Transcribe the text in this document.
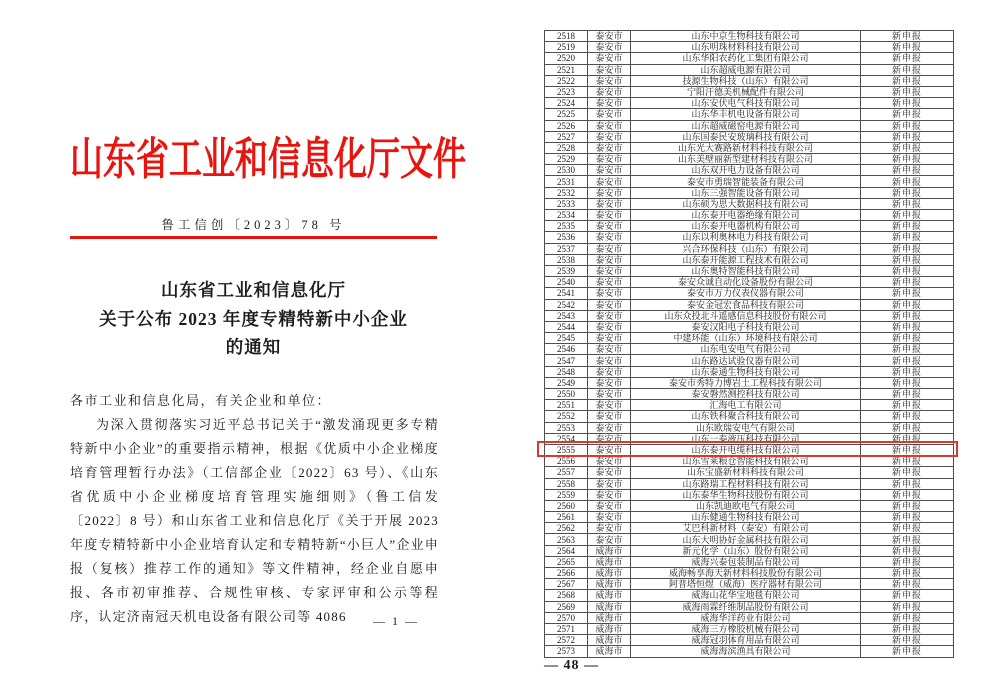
山东省工业和信息化厅文件
鲁工信创〔2023〕78 号
山东省工业和信息化厅
关于公布 2023 年度专精特新中小企业
的通知
各市工业和信息化局，有关企业和单位：

为深入贯彻落实习近平总书记关于“激发涌现更多专精特新中小企业”的重要指示精神，根据《优质中小企业梯度培育管理暂行办法》（工信部企业〔2022〕63 号）、《山东省优质中小企业梯度培育管理实施细则》（鲁工信发〔2022〕8 号）和山东省工业和信息化厅《关于开展 2023 年度专精特新中小企业培育认定和专精特新“小巨人”企业申报（复核）推荐工作的通知》等文件精神，经企业自愿申报、各市初审推荐、合规性审核、专家评审和公示等程序，认定济南冠天机电设备有限公司等 4086	— 1 —
2518	泰安市	山东中京生物科技有限公司	新申报
2519	泰安市	山东明珠材料科技有限公司	新申报
2520	泰安市	山东华阳农药化工集团有限公司	新申报
2521	泰安市	山东超威电源有限公司	新申报
2522	泰安市	技源生物科技（山东）有限公司	新申报
2523	泰安市	宁阳汗德美机械配件有限公司	新申报
2524	泰安市	山东安伏电气科技有限公司	新申报
2525	泰安市	山东华丰机电设备有限公司	新申报
2526	泰安市	山东超威磁窑电源有限公司	新申报
2527	泰安市	山东国泰民安玻璃科技有限公司	新申报
2528	泰安市	山东光大赛路新材料科技有限公司	新申报
2529	泰安市	山东美壁丽新型建材科技有限公司	新申报
2530	泰安市	山东双开电力设备有限公司	新申报
2531	泰安市	泰安市勇瑞智能装备有限公司	新申报
2532	泰安市	山东三强智能设备有限公司	新申报
2533	泰安市	山东硕为思大数据科技有限公司	新申报
2534	泰安市	山东泰开电器绝缘有限公司	新申报
2535	泰安市	山东泰开电器机构有限公司	新申报
2536	泰安市	山东以利奥林电力科技有限公司	新申报
2537	泰安市	兴合环保科技（山东）有限公司	新申报
2538	泰安市	山东泰开能源工程技术有限公司	新申报
2539	泰安市	山东奥特智能科技有限公司	新申报
2540	泰安市	泰安众诚自动化设备股份有限公司	新申报
2541	泰安市	泰安市万力仪表仪器有限公司	新申报
2542	泰安市	泰安金冠宏食品科技有限公司	新申报
2543	泰安市	山东众投北斗遥感信息科技股份有限公司	新申报
2544	泰安市	泰安汉阳电子科技有限公司	新申报
2545	泰安市	中建环能（山东）环境科技有限公司	新申报
2546	泰安市	山东电安电气有限公司	新申报
2547	泰安市	山东路达试验仪器有限公司	新申报
2548	泰安市	山东泰通生物科技有限公司	新申报
2549	泰安市	泰安市秀特力博岩土工程科技有限公司	新申报
2550	泰安市	泰安磐然测控科技有限公司	新申报
2551	泰安市	汇海电工有限公司	新申报
2552	泰安市	山东铁科聚合科技有限公司	新申报
2553	泰安市	山东欧瑞安电气有限公司	新申报
2554	泰安市	山东一泰液压科技有限公司	新申报
2555	泰安市	山东泰开电缆科技有限公司	新申报
2556	泰安市	山东雪莱粮仓智能科技有限公司	新申报
2557	泰安市	山东宝盛新材料科技有限公司	新申报
2558	泰安市	山东路瑞工程材料科技有限公司	新申报
2559	泰安市	山东泰华生物科技股份有限公司	新申报
2560	泰安市	山东凯迪欧电气有限公司	新申报
2561	泰安市	山东健通生物科技有限公司	新申报
2562	泰安市	艾巴科新材料（泰安）有限公司	新申报
2563	泰安市	山东大明协好金属科技有限公司	新申报
2564	威海市	新元化学（山东）股份有限公司	新申报
2565	威海市	威海兴泰包装制品有限公司	新申报
2566	威海市	威海畅享海天新材料科技股份有限公司	新申报
2567	威海市	阿普塔恒煜（威海）医疗器材有限公司	新申报
2568	威海市	威海山花华宝地毯有限公司	新申报
2569	威海市	威海雨霖纤维制品股份有限公司	新申报
2570	威海市	威海华洋药业有限公司	新申报
2571	威海市	威海三方橡胶机械有限公司	新申报
2572	威海市	威海冠羽体育用品有限公司	新申报
2573	威海市	威海海滨渔具有限公司	新申报
— 48 —
